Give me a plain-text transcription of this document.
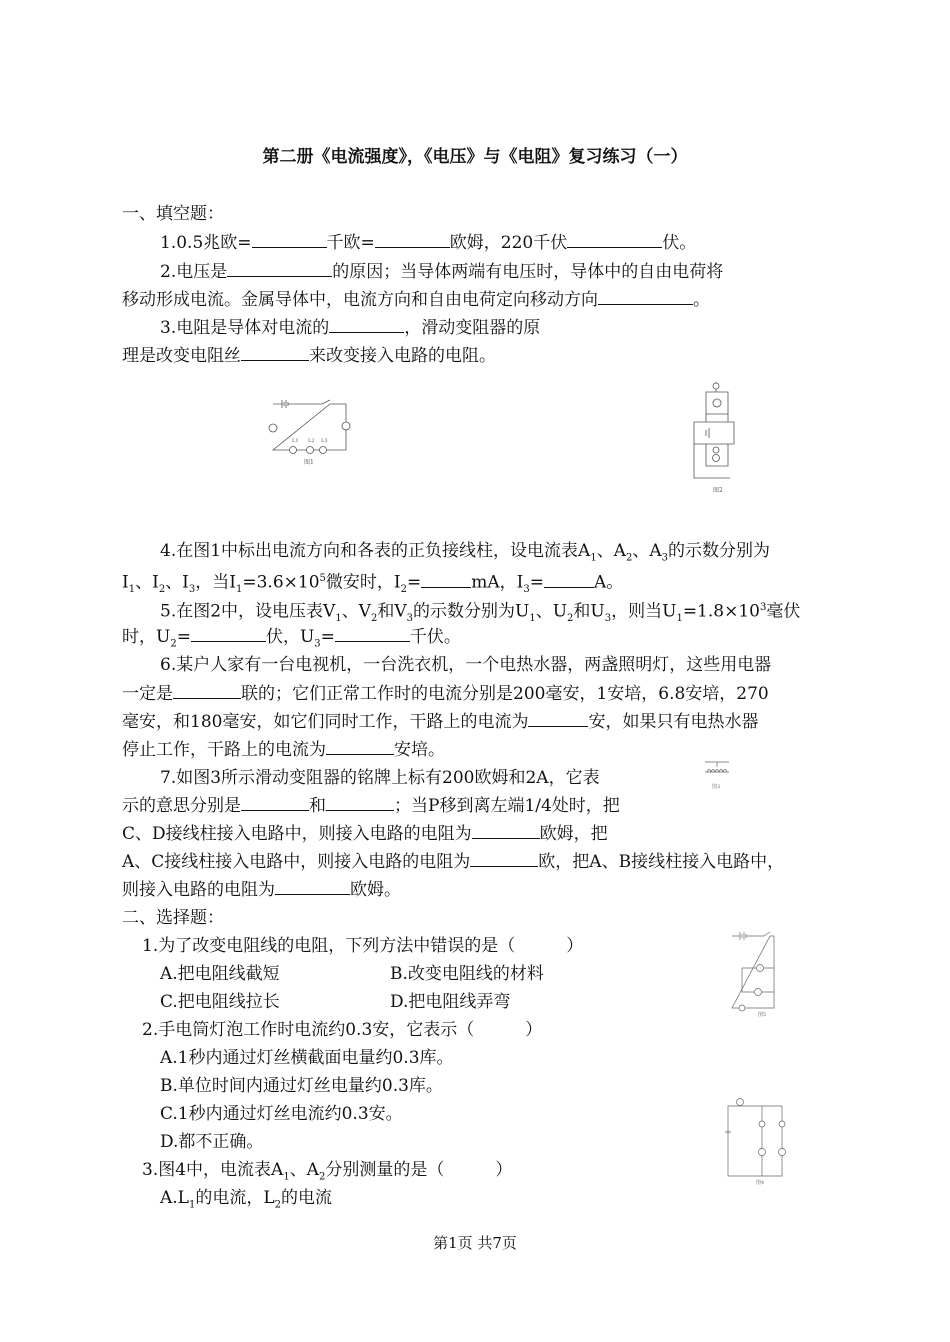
第二册《电流强度》，《电压》与《电阻》复习练习（一）
一、填空题：
1.0.5兆欧=	千欧=	欧姆，220千伏	伏。
2.电压是	的原因；当导体两端有电压时，导体中的自由电荷将
移动形成电流。金属导体中，电流方向和自由电荷定向移动方向	。
3.电阻是导体对电流的	，滑动变阻器的原
理是改变电阻丝	来改变接入电路的电阻。
L1 L2 L3
图1
图2
4.在图1中标出电流方向和各表的正负接线柱，设电流表$A_1$、$A_2$、$A_3$的示数分别为
$I_1$、$I_2$、$I_3$，当$I_1=3.6\times 10^5$微安时，$I_2=$	mA，$I_3=$	A。
5.在图2中，设电压表$V_1$、$V_2$和$V_3$的示数分别为$U_1$、$U_2$和$U_3$，则当$U_1=1.8\times 10^3$毫伏
时，$U_2=$	伏，$U_3=$	千伏。
6.某户人家有一台电视机，一台洗衣机，一个电热水器，两盏照明灯，这些用电器
一定是	联的；它们正常工作时的电流分别是200毫安，1安培，6.8安培，270
毫安，和180毫安，如它们同时工作，干路上的电流为	安，如果只有电热水器
停止工作，干路上的电流为	安培。
图3
7.如图3所示滑动变阻器的铭牌上标有200欧姆和2A，它表
示的意思分别是	和	；当P移到离左端1/4处时，把
C、D接线柱接入电路中，则接入电路的电阻为	欧姆，把
A、C接线柱接入电路中，则接入电路的电阻为	欧，把A、B接线柱接入电路中，
则接入电路的电阻为	欧姆。
二、选择题：
1.为了改变电阻线的电阻，下列方法中错误的是（　　　）
A.把电阻线截短	B.改变电阻线的材料
C.把电阻线拉长	D.把电阻线弄弯
图5
2.手电筒灯泡工作时电流约0.3安，它表示（　　　）
A.1秒内通过灯丝横截面电量约0.3库。
B.单位时间内通过灯丝电量约0.3库。
C.1秒内通过灯丝电流约0.3安。
D.都不正确。
图4
3.图4中，电流表$A_1$、$A_2$分别测量的是（　　　）
$A.L_1$的电流，$L_2$的电流
第1页 共7页
